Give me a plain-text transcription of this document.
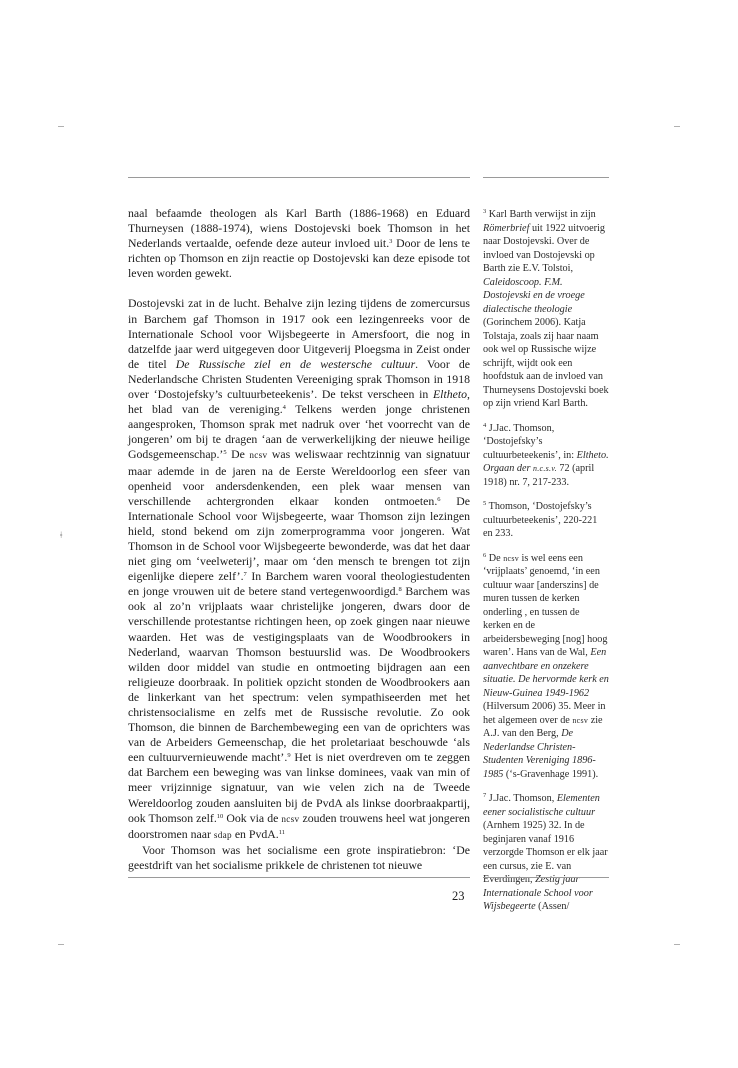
ǂ

naal befaamde theologen als Karl Barth (1886-1968) en Eduard Thurneysen (1888-1974), wiens Dostojevski boek Thomson in het Nederlands vertaalde, oefende deze auteur invloed uit.$^3$ Door de lens te richten op Thomson en zijn reactie op Dostojevski kan deze episode tot leven worden gewekt.

Dostojevski zat in de lucht. Behalve zijn lezing tijdens de zomercursus in Barchem gaf Thomson in 1917 ook een lezingenreeks voor de Internationale School voor Wijsbegeerte in Amersfoort, die nog in datzelfde jaar werd uitgegeven door Uitgeverij Ploegsma in Zeist onder de titel De Russische ziel en de westersche cultuur. Voor de Nederlandsche Christen Studenten Vereeniging sprak Thomson in 1918 over ‘Dostojefsky’s cultuurbeteekenis’. De tekst verscheen in Eltheto, het blad van de vereniging.$^4$ Telkens werden jonge christenen aangesproken, Thomson sprak met nadruk over ‘het voorrecht van de jongeren’ om bij te dragen ‘aan de verwerkelijking der nieuwe heilige Godsgemeenschap.’$^5$ De ncsv was weliswaar rechtzinnig van signatuur maar ademde in de jaren na de Eerste Wereldoorlog een sfeer van openheid voor andersdenkenden, een plek waar mensen van verschillende achtergronden elkaar konden ontmoeten.$^6$ De Internationale School voor Wijsbegeerte, waar Thomson zijn lezingen hield, stond bekend om zijn zomerprogramma voor jongeren. Wat Thomson in de School voor Wijsbegeerte bewonderde, was dat het daar niet ging om ‘veelweterij’, maar om ‘den mensch te brengen tot zijn eigenlijke diepere zelf’.$^7$ In Barchem waren vooral theologiestudenten en jonge vrouwen uit de betere stand vertegenwoordigd.$^8$ Barchem was ook al zo’n vrijplaats waar christelijke jongeren, dwars door de verschillende protestantse richtingen heen, op zoek gingen naar nieuwe waarden. Het was de vestigingsplaats van de Woodbrookers in Nederland, waarvan Thomson bestuurslid was. De Woodbrookers wilden door middel van studie en ontmoeting bijdragen aan een religieuze doorbraak. In politiek opzicht stonden de Woodbrookers aan de linkerkant van het spectrum: velen sympathiseerden met het christensocialisme en zelfs met de Russische revolutie. Zo ook Thomson, die binnen de Barchembeweging een van de oprichters was van de Arbeiders Gemeenschap, die het proletariaat beschouwde ‘als een cultuurvernieuwende macht’.$^9$ Het is niet overdreven om te zeggen dat Barchem een beweging was van linkse dominees, vaak van min of meer vrijzinnige signatuur, van wie velen zich na de Tweede Wereldoorlog zouden aansluiten bij de PvdA als linkse doorbraakpartij, ook Thomson zelf.$^{10}$ Ook via de ncsv zouden trouwens heel wat jongeren doorstromen naar sdap en PvdA.$^{11}$

Voor Thomson was het socialisme een grote inspiratiebron: ‘De geestdrift van het socialisme prikkele de christenen tot nieuwe

$^3$ Karl Barth verwijst in zijn Römerbrief uit 1922 uitvoerig naar Dostojevski. Over de invloed van Dostojevski op Barth zie E.V. Tolstoi, Caleidoscoop. F.M. Dostojevski en de vroege dialectische theologie (Gorinchem 2006). Katja Tolstaja, zoals zij haar naam ook wel op Russische wijze schrijft, wijdt ook een hoofdstuk aan de invloed van Thurneysens Dostojevski boek op zijn vriend Karl Barth.

$^4$ J.Jac. Thomson, ‘Dostojefsky’s cultuurbeteekenis’, in: Eltheto. Orgaan der n.c.s.v. 72 (april 1918) nr. 7, 217-233.

$^5$ Thomson, ‘Dostojefsky’s cultuurbeteekenis’, 220-221 en 233.

$^6$ De ncsv is wel eens een ‘vrijplaats’ genoemd, ‘in een cultuur waar [anderszins] de muren tussen de kerken onderling , en tussen de kerken en de arbeidersbeweging [nog] hoog waren’. Hans van de Wal, Een aanvechtbare en onzekere situatie. De hervormde kerk en Nieuw-Guinea 1949-1962 (Hilversum 2006) 35. Meer in het algemeen over de ncsv zie A.J. van den Berg, De Nederlandse Christen-Studenten Vereniging 1896-1985 (‘s-Gravenhage 1991).

$^7$ J.Jac. Thomson, Elementen eener socialistische cultuur (Arnhem 1925) 32. In de beginjaren vanaf 1916 verzorgde Thomson er elk jaar een cursus, zie E. van Everdingen, Zestig jaar Internationale School voor Wijsbegeerte (Assen/

23
